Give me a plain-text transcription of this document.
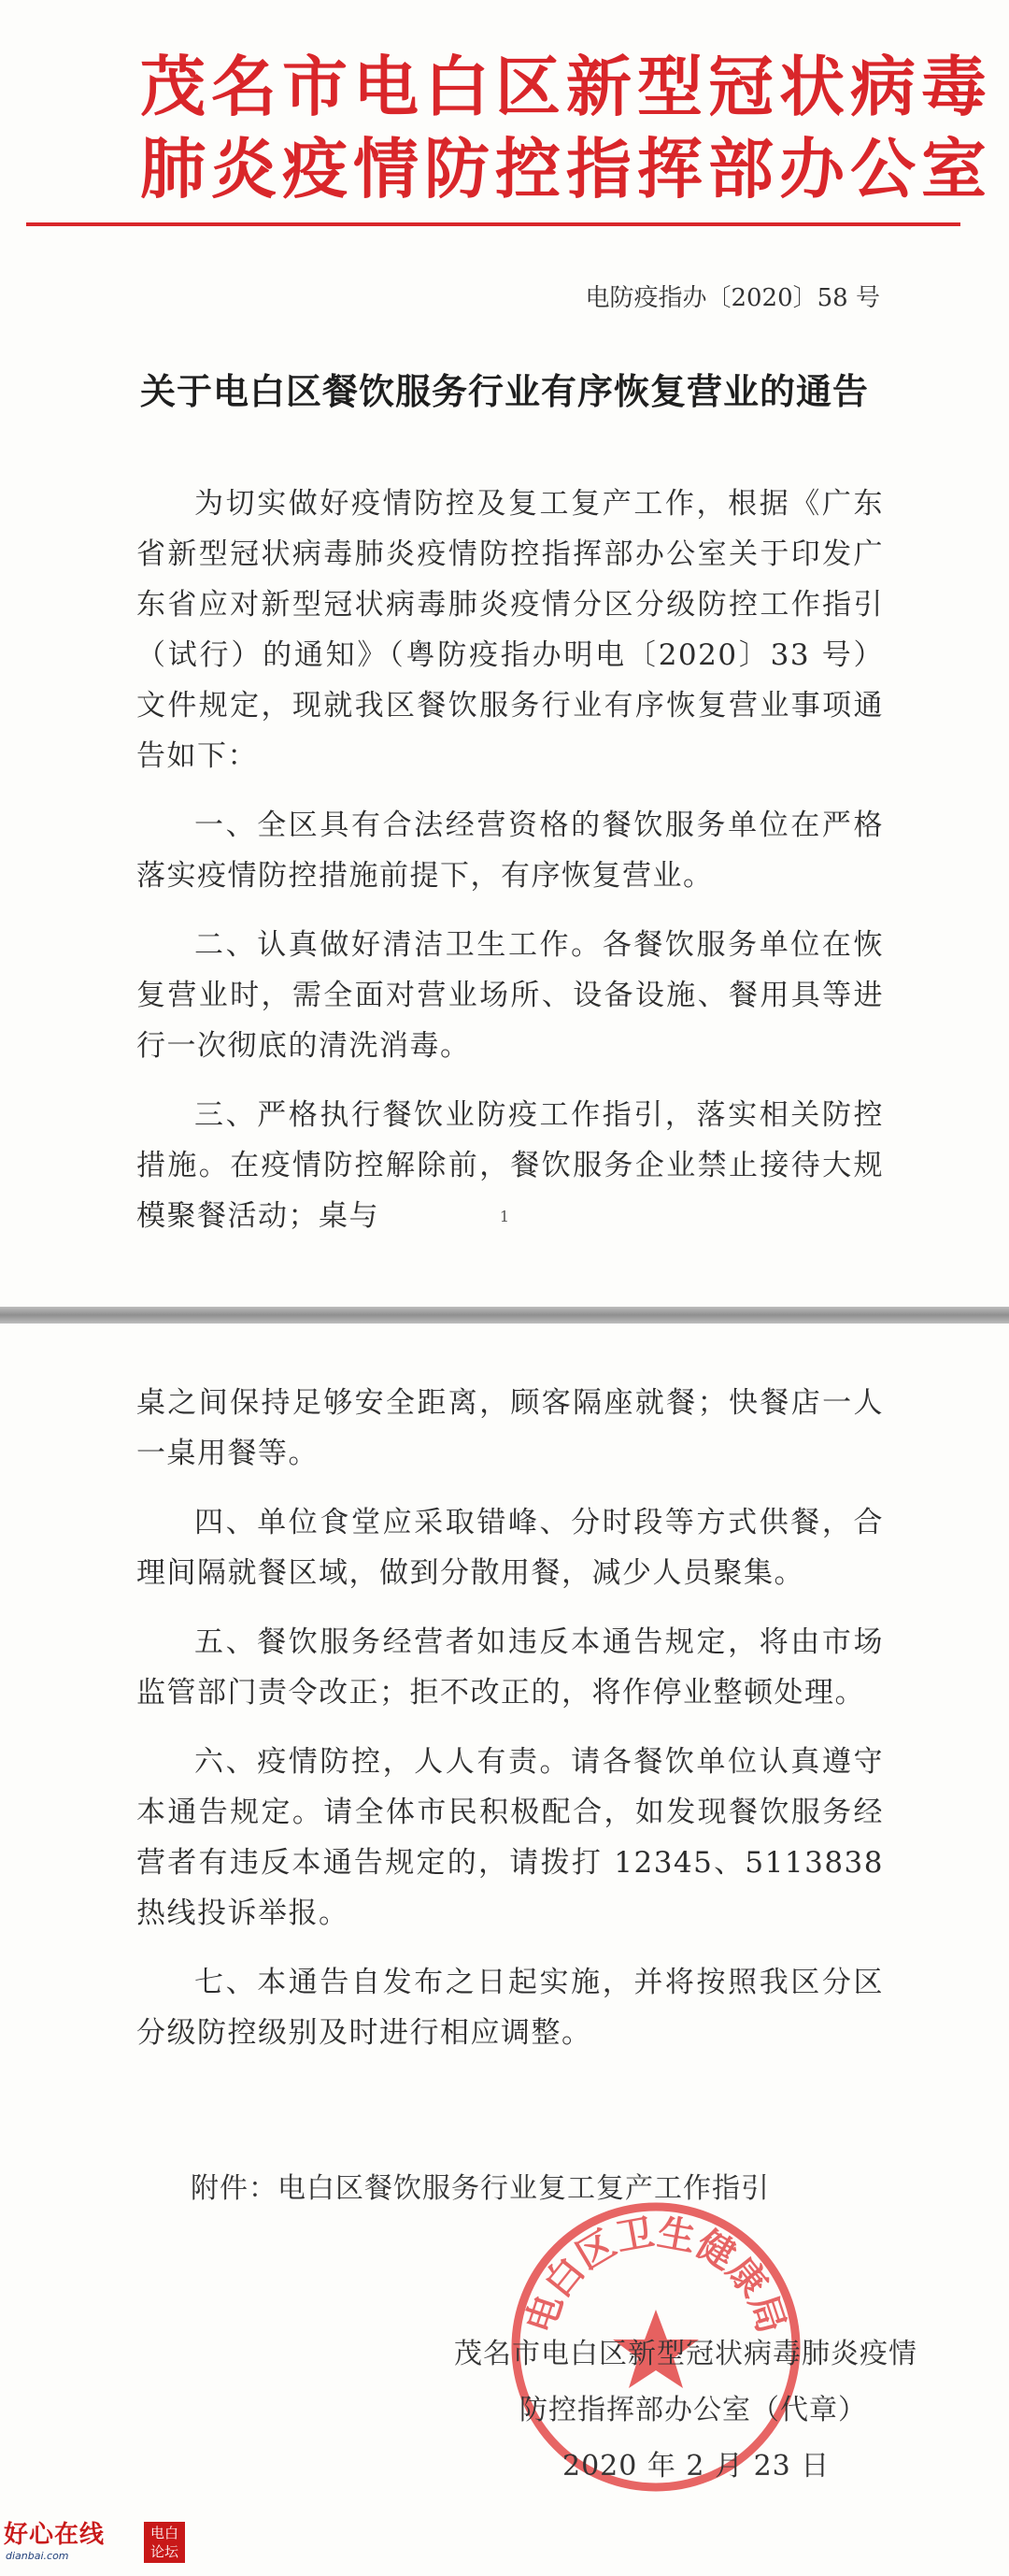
茂名市电白区新型冠状病毒
肺炎疫情防控指挥部办公室
电防疫指办〔2020〕58 号
关于电白区餐饮服务行业有序恢复营业的通告

为切实做好疫情防控及复工复产工作，根据《广东省新型冠状病毒肺炎疫情防控指挥部办公室关于印发广东省应对新型冠状病毒肺炎疫情分区分级防控工作指引（试行）的通知》（粤防疫指办明电〔2020〕33 号）文件规定，现就我区餐饮服务行业有序恢复营业事项通告如下：

一、全区具有合法经营资格的餐饮服务单位在严格落实疫情防控措施前提下，有序恢复营业。

二、认真做好清洁卫生工作。各餐饮服务单位在恢复营业时，需全面对营业场所、设备设施、餐用具等进行一次彻底的清洗消毒。

三、严格执行餐饮业防疫工作指引，落实相关防控措施。在疫情防控解除前，餐饮服务企业禁止接待大规模聚餐活动；桌与	1

桌之间保持足够安全距离，顾客隔座就餐；快餐店一人一桌用餐等。

四、单位食堂应采取错峰、分时段等方式供餐，合理间隔就餐区域，做到分散用餐，减少人员聚集。

五、餐饮服务经营者如违反本通告规定，将由市场监管部门责令改正；拒不改正的，将作停业整顿处理。

六、疫情防控，人人有责。请各餐饮单位认真遵守本通告规定。请全体市民积极配合，如发现餐饮服务经营者有违反本通告规定的，请拨打 12345、5113838 热线投诉举报。

七、本通告自发布之日起实施，并将按照我区分区分级防控级别及时进行相应调整。

附件：电白区餐饮服务行业复工复产工作指引
电白区卫生健康局
茂名市电白区新型冠状病毒肺炎疫情
防控指挥部办公室（代章）
2020 年 2 月 23 日
好心在线
dianbai.com
电白论坛
